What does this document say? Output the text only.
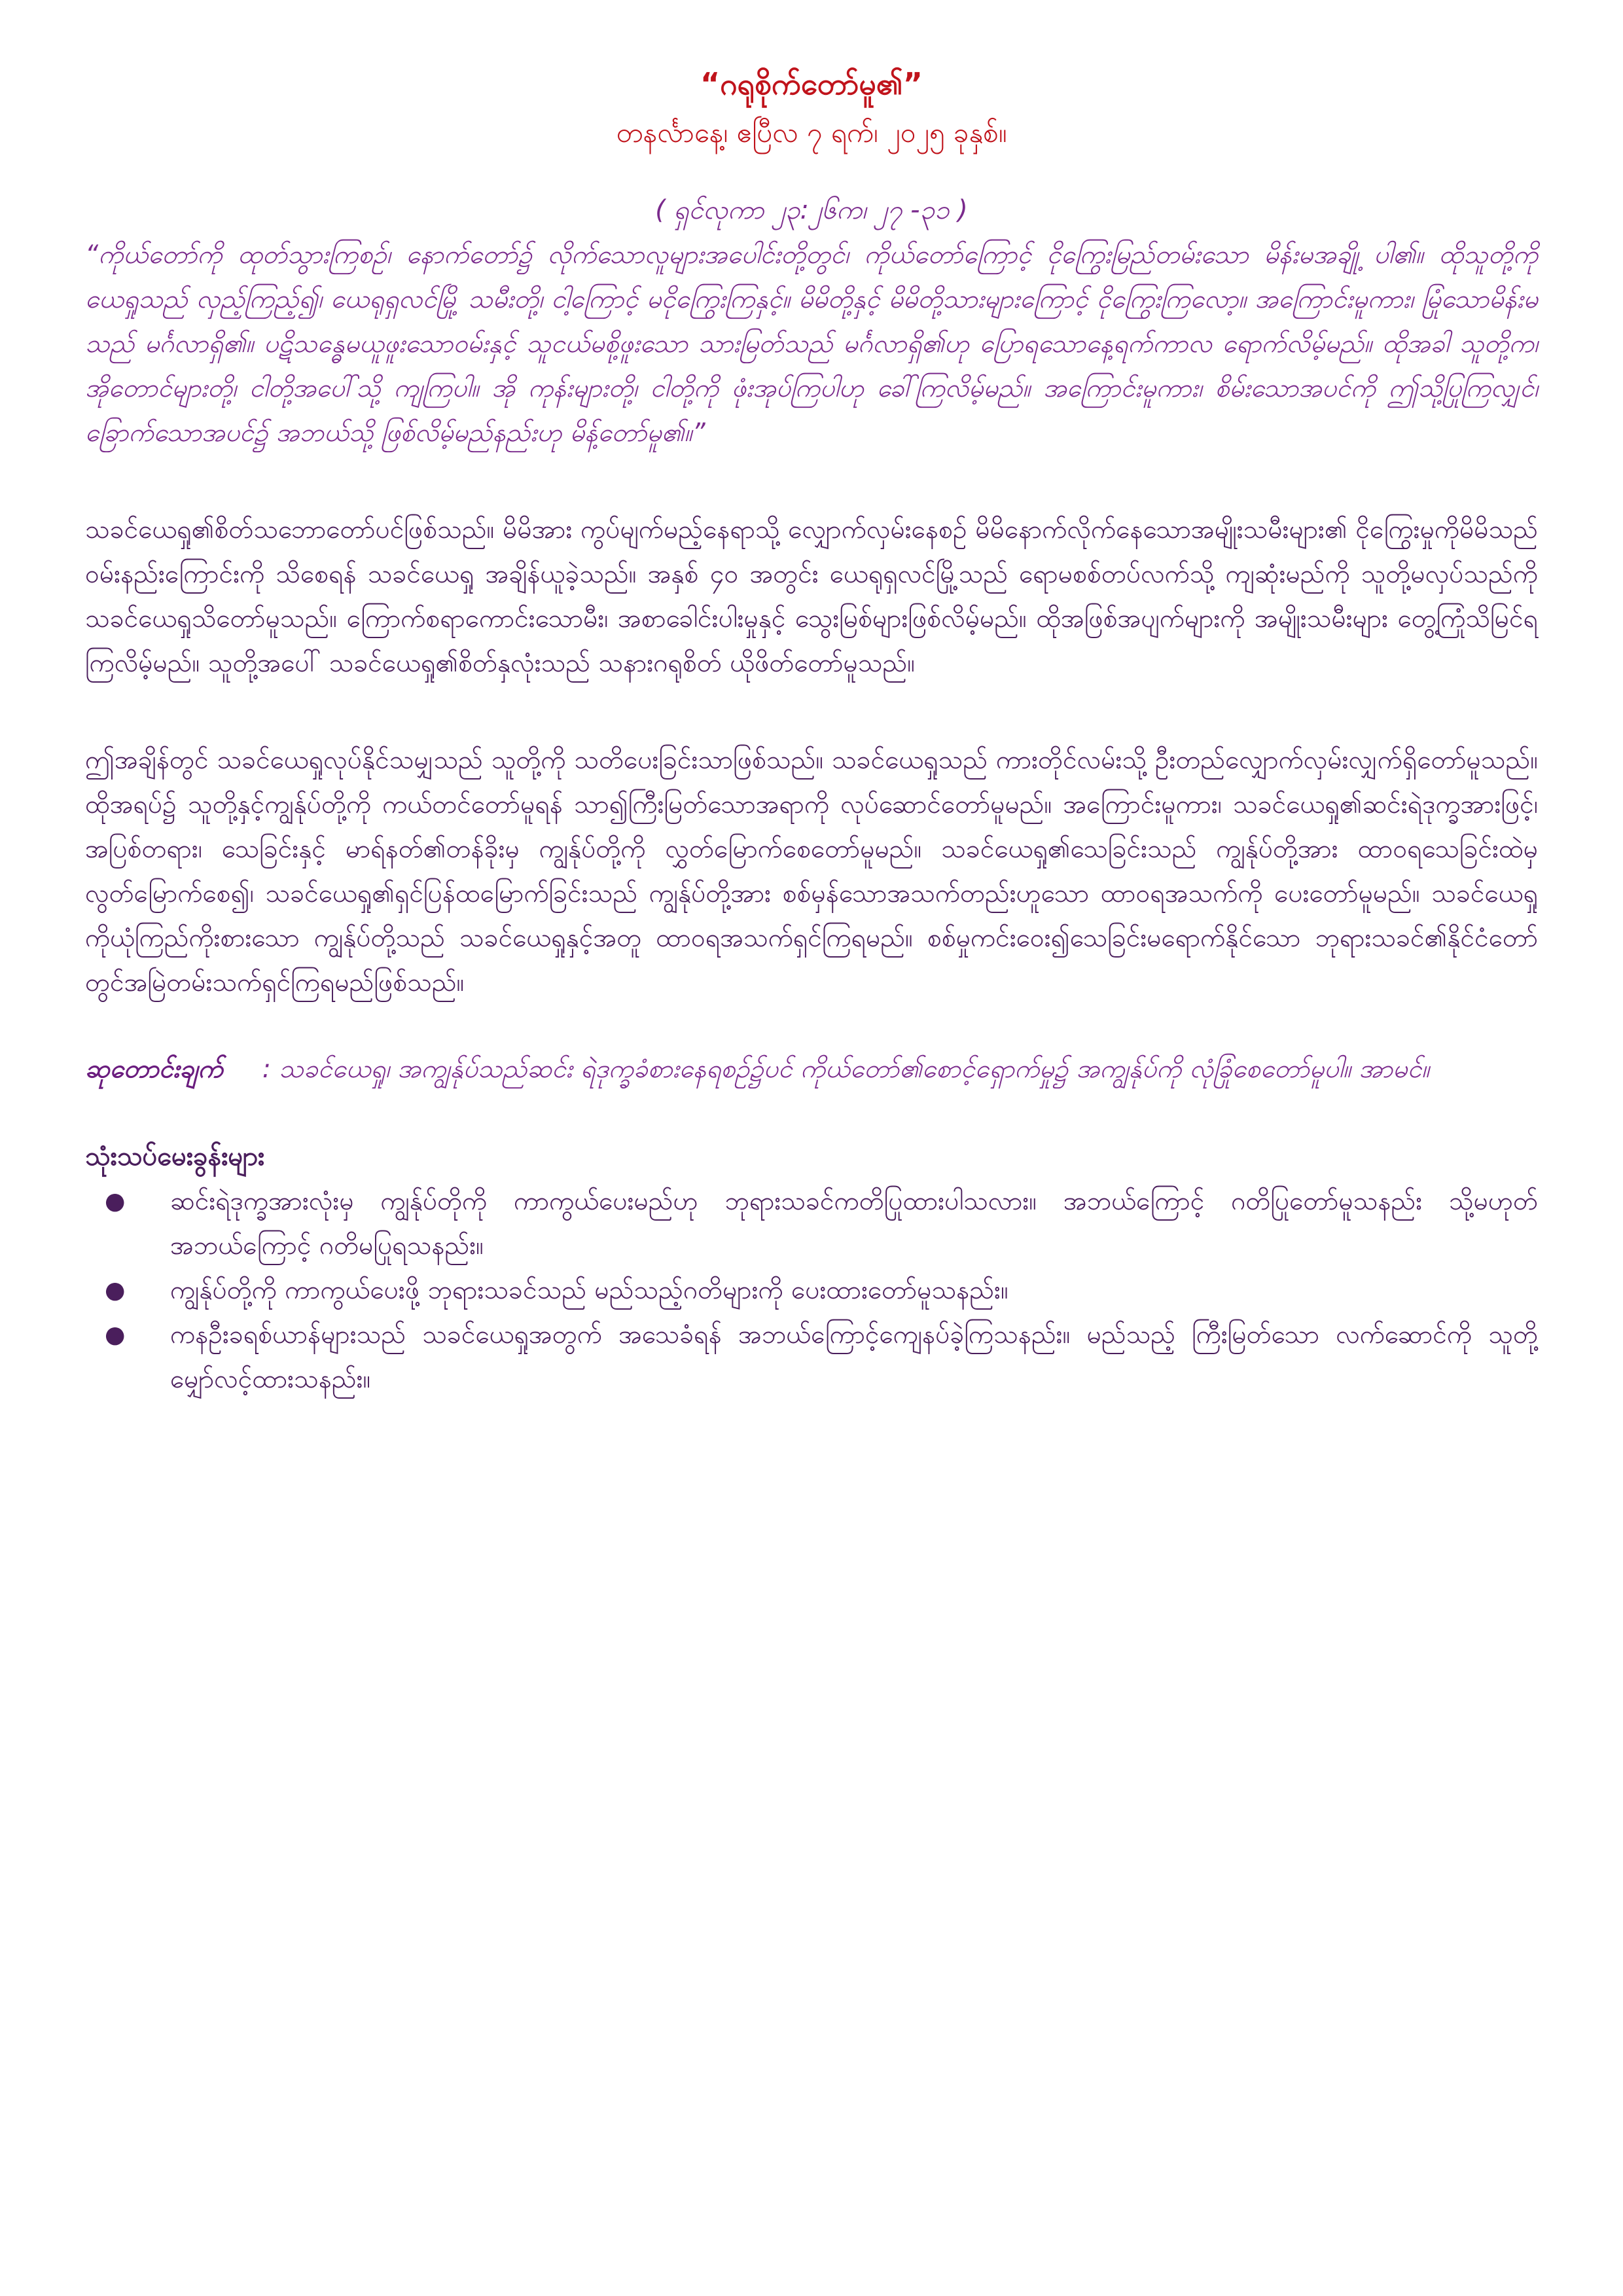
“ဂရုစိုက်တော်မူ၏”

တနင်္လာနေ့၊ ဧပြီလ ၇ ရက်၊ ၂၀၂၅ ခုနှစ်။

( ရှင်လုကာ ၂၃:၂၆က၊ ၂၇ -၃၁ )

“ကိုယ်တော်ကို ထုတ်သွားကြစဉ်၊ နောက်တော်၌ လိုက်သောလူများအပေါင်းတို့တွင်၊ ကိုယ်တော်ကြောင့် ငိုကြွေးမြည်တမ်းသော မိန်းမအချို့ ပါ၏။ ထိုသူတို့ကို ယေရှုသည် လှည့်ကြည့်၍၊ ယေရုရှလင်မြို့ သမီးတို့၊ ငါ့ကြောင့် မငိုကြွေးကြနှင့်။ မိမိတို့နှင့် မိမိတို့သားများကြောင့် ငိုကြွေးကြလော့။ အကြောင်းမူကား၊ မြုံသောမိန်းမသည် မင်္ဂလာရှိ၏။ ပဋိသန္ဓေမယူဖူးသောဝမ်းနှင့် သူငယ်မစို့ဖူးသော သားမြတ်သည် မင်္ဂလာရှိ၏ဟု ပြောရသောနေ့ရက်ကာလ ရောက်လိမ့်မည်။ ထိုအခါ သူတို့က၊ အိုတောင်များတို့၊ ငါတို့အပေါ်သို့ ကျကြပါ။ အို ကုန်းများတို့၊ ငါတို့ကို ဖုံးအုပ်ကြပါဟု ခေါ်ကြလိမ့်မည်။ အကြောင်းမူကား၊ စိမ်းသောအပင်ကို ဤသို့ပြုကြလျှင်၊ ခြောက်သောအပင်၌ အဘယ်သို့ ဖြစ်လိမ့်မည်နည်းဟု မိန့်တော်မူ၏။”

သခင်ယေရှု၏စိတ်သဘောတော်ပင်ဖြစ်သည်။ မိမိအား ကွပ်မျက်မည့်နေရာသို့ လျှောက်လှမ်းနေစဉ် မိမိနောက်လိုက်နေသောအမျိုးသမီးများ၏ ငိုကြွေးမှုကိုမိမိသည်ဝမ်းနည်းကြောင်းကို သိစေရန် သခင်ယေရှု အချိန်ယူခဲ့သည်။ အနှစ် ၄၀ အတွင်း ယေရုရှလင်မြို့သည် ရောမစစ်တပ်လက်သို့ ကျဆုံးမည်ကို သူတို့မလှပ်သည်ကို သခင်ယေရှုသိတော်မူသည်။ ကြောက်စရာကောင်းသောမီး၊ အစာခေါင်းပါးမှုနှင့် သွေးမြစ်များဖြစ်လိမ့်မည်။ ထိုအဖြစ်အပျက်များကို အမျိုးသမီးများ တွေ့ကြုံသိမြင်ရကြလိမ့်မည်။ သူတို့အပေါ် သခင်ယေရှု၏စိတ်နှလုံးသည် သနားဂရုစိတ် ယိုဖိတ်တော်မူသည်။

ဤအချိန်တွင် သခင်ယေရှုလုပ်နိုင်သမျှသည် သူတို့ကို သတိပေးခြင်းသာဖြစ်သည်။ သခင်ယေရှုသည် ကားတိုင်လမ်းသို့ ဦးတည်လျှောက်လှမ်းလျှက်ရှိတော်မူသည်။ ထိုအရပ်၌ သူတို့နှင့်ကျွန်ုပ်တို့ကို ကယ်တင်တော်မူရန် သာ၍ကြီးမြတ်သောအရာကို လုပ်ဆောင်တော်မူမည်။ အကြောင်းမူကား၊ သခင်ယေရှု၏ဆင်းရဲဒုက္ခအားဖြင့်၊ အပြစ်တရား၊ သေခြင်းနှင့် မာရ်နတ်၏တန်ခိုးမှ ကျွန်ုပ်တို့ကို လွှတ်မြောက်စေတော်မူမည်။ သခင်ယေရှု၏သေခြင်းသည် ကျွန်ုပ်တို့အား ထာဝရသေခြင်းထဲမှလွတ်မြောက်စေ၍၊ သခင်ယေရှု၏ရှင်ပြန်ထမြောက်ခြင်းသည် ကျွန်ုပ်တို့အား စစ်မှန်သောအသက်တည်းဟူသော ထာဝရအသက်ကို ပေးတော်မူမည်။ သခင်ယေရှုကိုယုံကြည်ကိုးစားသော ကျွန်ုပ်တို့သည် သခင်ယေရှုနှင့်အတူ ထာဝရအသက်ရှင်ကြရမည်။ စစ်မှုကင်းဝေး၍သေခြင်းမရောက်နိုင်သော ဘုရားသခင်၏နိုင်ငံတော်တွင်အမြဲတမ်းသက်ရှင်ကြရမည်ဖြစ်သည်။

ဆုတောင်းချက် : သခင်ယေရှု၊ အကျွန်ုပ်သည်ဆင်း ရဲဒုက္ခခံစားနေရစဉ်၌ပင် ကိုယ်တော်၏စောင့်ရှောက်မှု၌ အကျွန်ုပ်ကို လုံခြုံစေတော်မူပါ။ အာမင်။

သုံးသပ်မေးခွန်းများ

● ဆင်းရဲဒုက္ခအားလုံးမှ ကျွန်ုပ်တိုကို ကာကွယ်ပေးမည်ဟု ဘုရားသခင်ကတိပြုထားပါသလား။ အဘယ်ကြောင့် ဂတိပြုတော်မူသနည်း သို့မဟုတ် အဘယ်ကြောင့် ဂတိမပြုရသနည်း။
● ကျွန်ုပ်တို့ကို ကာကွယ်ပေးဖို့ ဘုရားသခင်သည် မည်သည့်ဂတိများကို ပေးထားတော်မူသနည်း။
● ကနဦးခရစ်ယာန်များသည် သခင်ယေရှုအတွက် အသေခံရန် အဘယ်ကြောင့်ကျေနပ်ခဲ့ကြသနည်း။ မည်သည့် ကြီးမြတ်သော လက်ဆောင်ကို သူတို့မျှော်လင့်ထားသနည်း။
